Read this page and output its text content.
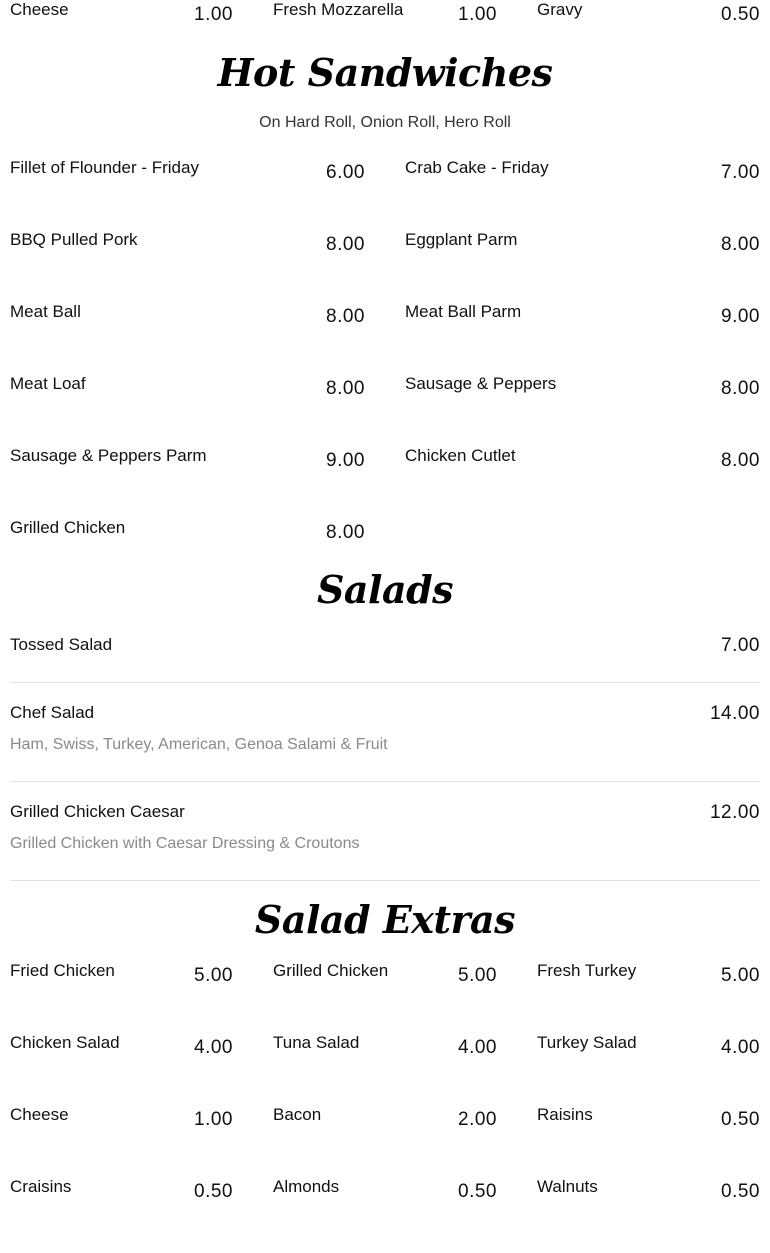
Cheese	1.00 Fresh Mozzarella	1.00 Gravy	0.50
Hot Sandwiches
On Hard Roll, Onion Roll, Hero Roll
Fillet of Flounder - Friday	6.00 Crab Cake - Friday	7.00
BBQ Pulled Pork	8.00 Eggplant Parm	8.00
Meat Ball	8.00 Meat Ball Parm	9.00
Meat Loaf	8.00 Sausage & Peppers	8.00
Sausage & Peppers Parm	9.00 Chicken Cutlet	8.00
Grilled Chicken	8.00
Salads
Tossed Salad	7.00
Chef Salad	14.00
Ham, Swiss, Turkey, American, Genoa Salami & Fruit
Grilled Chicken Caesar	12.00
Grilled Chicken with Caesar Dressing & Croutons
Salad Extras
Fried Chicken	5.00 Grilled Chicken	5.00 Fresh Turkey	5.00
Chicken Salad	4.00 Tuna Salad	4.00 Turkey Salad	4.00
Cheese	1.00 Bacon	2.00 Raisins	0.50
Craisins	0.50 Almonds	0.50 Walnuts	0.50
